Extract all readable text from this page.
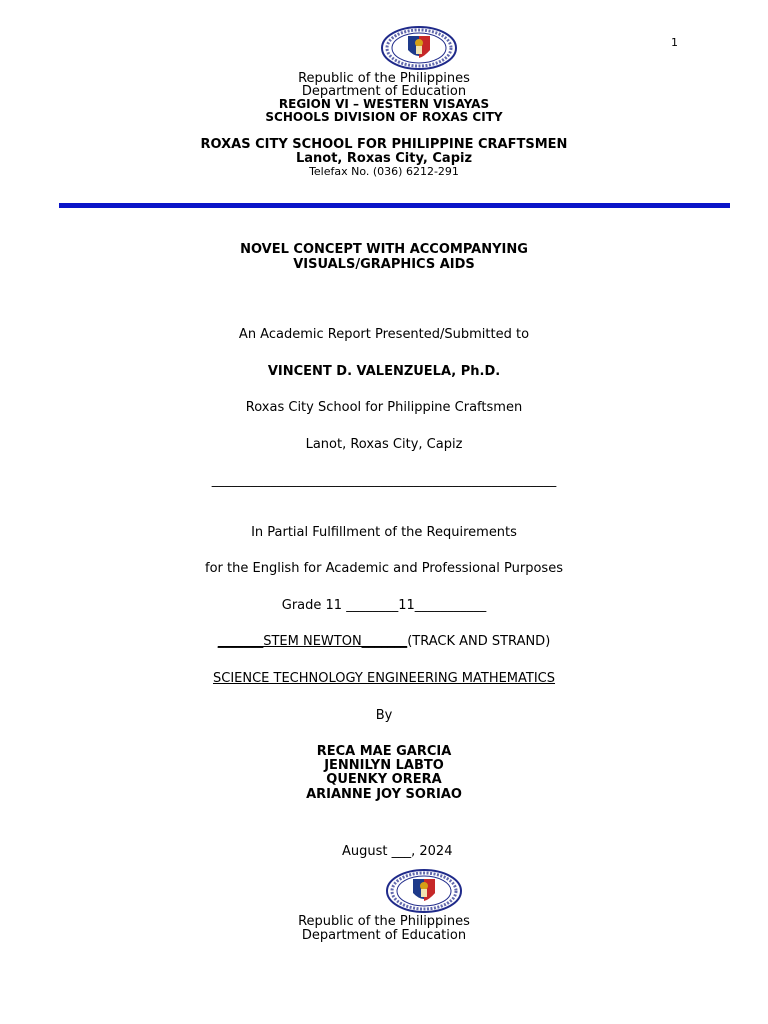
1
Republic of the Philippines
Department of Education
REGION VI – WESTERN VISAYAS
SCHOOLS DIVISION OF ROXAS CITY
ROXAS CITY SCHOOL FOR PHILIPPINE CRAFTSMEN
Lanot, Roxas City, Capiz
Telefax No. (036) 6212-291
NOVEL CONCEPT WITH ACCOMPANYING
VISUALS/GRAPHICS AIDS
An Academic Report Presented/Submitted to
VINCENT D. VALENZUELA, Ph.D.
Roxas City School for Philippine Craftsmen
Lanot, Roxas City, Capiz
_____________________________________________________
In Partial Fulfillment of the Requirements
for the English for Academic and Professional Purposes
Grade 11 ________11___________
_______STEM NEWTON_______(TRACK AND STRAND)
SCIENCE TECHNOLOGY ENGINEERING MATHEMATICS
By
RECA MAE GARCIA
JENNILYN LABTO
QUENKY ORERA
ARIANNE JOY SORIAO
August ___, 2024
Republic of the Philippines
Department of Education
